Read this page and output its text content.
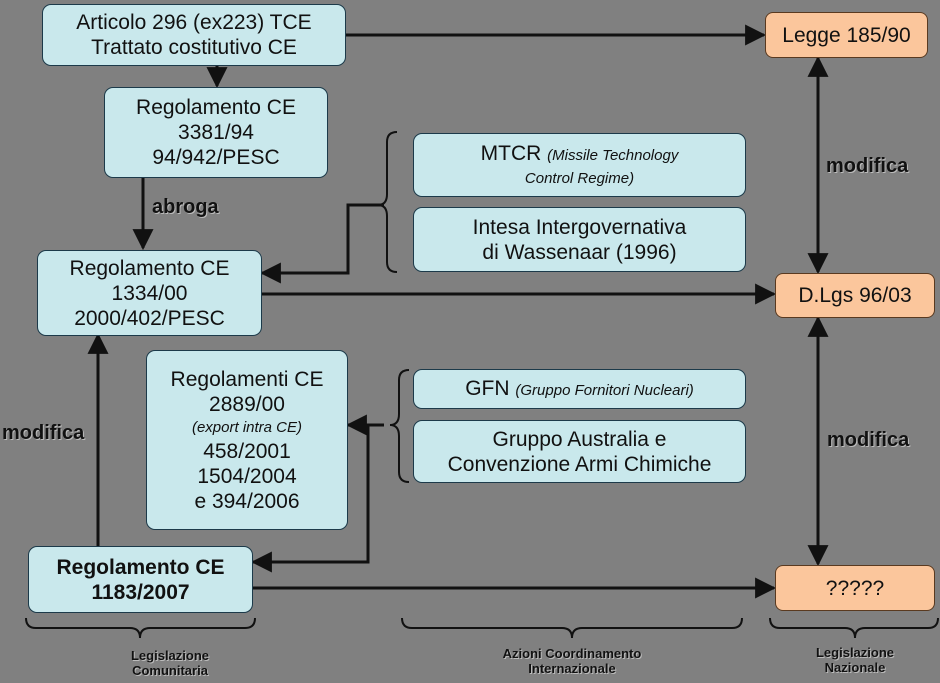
Articolo 296 (ex223) TCE
Trattato costitutivo CE
Regolamento CE
3381/94
94/942/PESC
Regolamento CE
1334/00
2000/402/PESC
Regolamenti CE
2889/00
(export intra CE)
458/2001
1504/2004
e 394/2006
Regolamento CE
1183/2007
MTCR (Missile Technology
Control Regime)
Intesa Intergovernativa
di Wassenaar (1996)
GFN (Gruppo Fornitori Nucleari)
Gruppo Australia e
Convenzione Armi Chimiche
Legge 185/90
D.Lgs 96/03
?????
abroga
modifica
modifica
modifica
Legislazione
Comunitaria
Azioni Coordinamento
Internazionale
Legislazione
Nazionale
